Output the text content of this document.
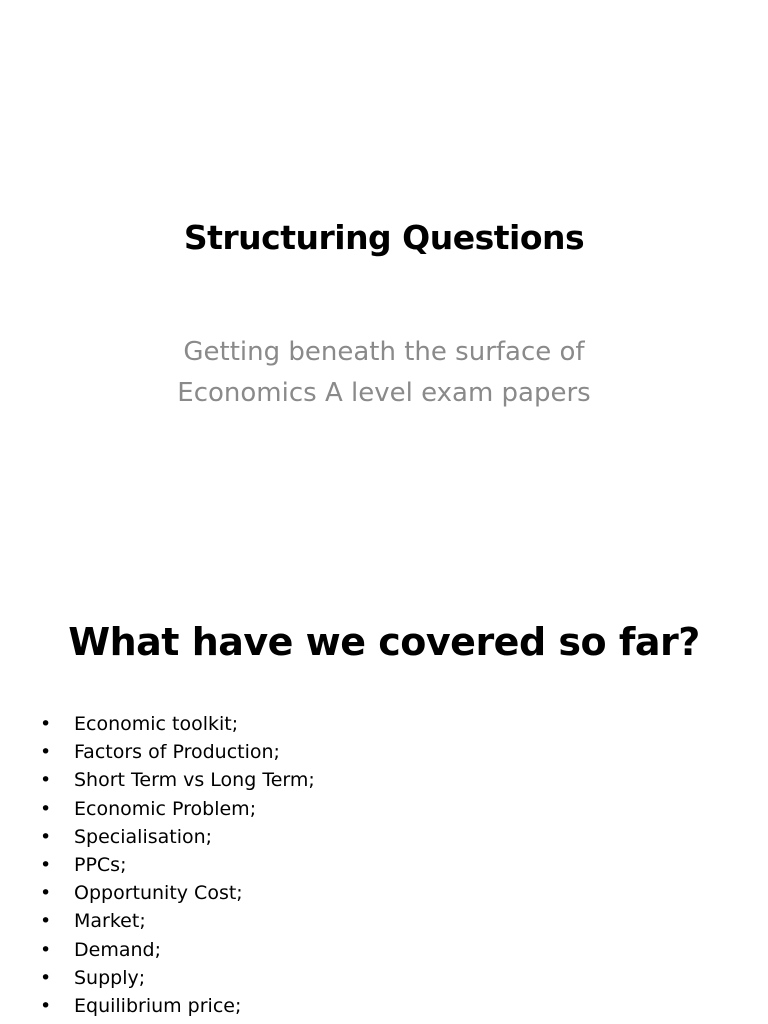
Structuring Questions
Getting beneath the surface of
Economics A level exam papers
What have we covered so far?
•	Economic toolkit;
•	Factors of Production;
•	Short Term vs Long Term;
•	Economic Problem;
•	Specialisation;
•	PPCs;
•	Opportunity Cost;
•	Market;
•	Demand;
•	Supply;
•	Equilibrium price;
